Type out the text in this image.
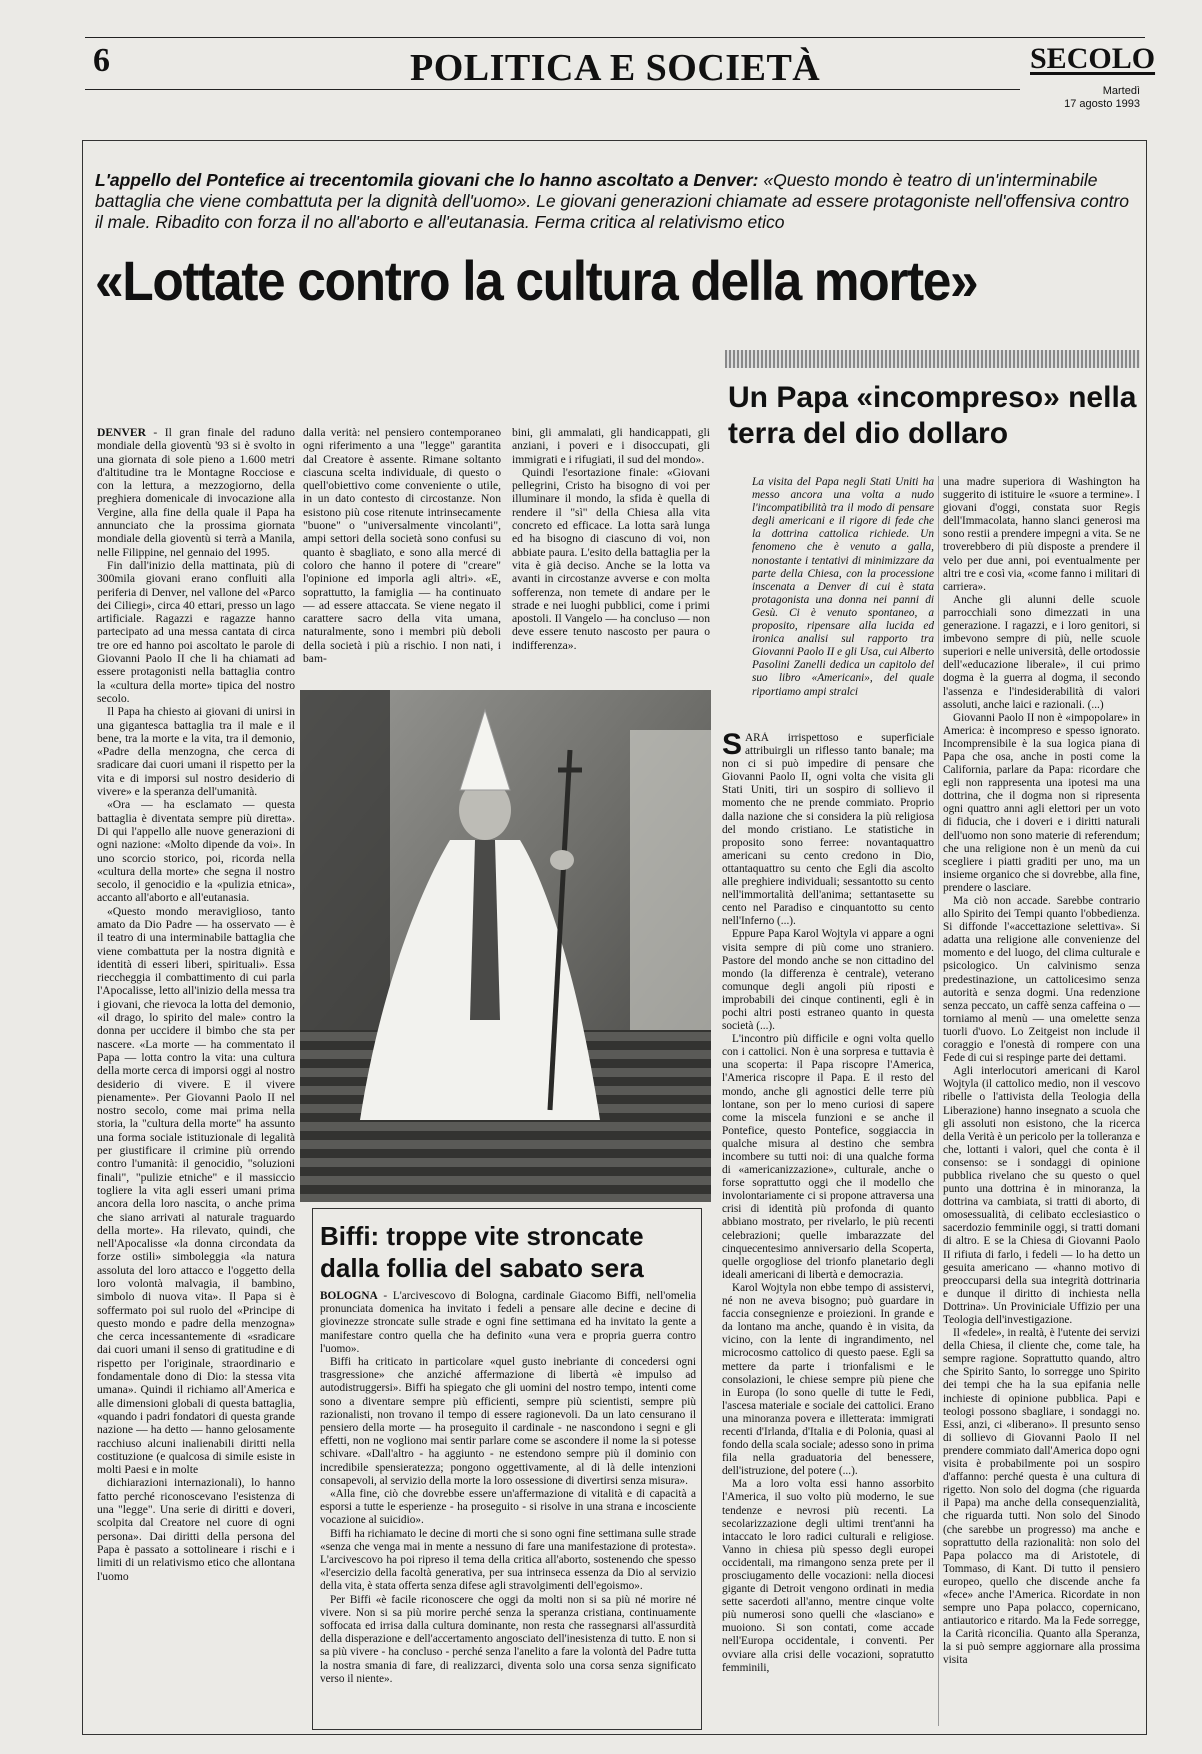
6	POLITICA E SOCIETÀ	SECOLO
Martedì
17 agosto 1993
L'appello del Pontefice ai trecentomila giovani che lo hanno ascoltato a Denver: «Questo mondo è teatro di un'interminabile battaglia che viene combattuta per la dignità dell'uomo». Le giovani generazioni chiamate ad essere protagoniste nell'offensiva contro il male. Ribadito con forza il no all'aborto e all'eutanasia. Ferma critica al relativismo etico
«Lottate contro la cultura della morte»

DENVER - Il gran finale del raduno mondiale della gioventù '93 si è svolto in una giornata di sole pieno a 1.600 metri d'altitudine tra le Montagne Rocciose e con la lettura, a mezzogiorno, della preghiera domenicale di invocazione alla Vergine, alla fine della quale il Papa ha annunciato che la prossima giornata mondiale della gioventù si terrà a Manila, nelle Filippine, nel gennaio del 1995.

Fin dall'inizio della mattinata, più di 300mila giovani erano confluiti alla periferia di Denver, nel vallone del «Parco dei Ciliegi», circa 40 ettari, presso un lago artificiale. Ragazzi e ragazze hanno partecipato ad una messa cantata di circa tre ore ed hanno poi ascoltato le parole di Giovanni Paolo II che li ha chiamati ad essere protagonisti nella battaglia contro la «cultura della morte» tipica del nostro secolo.

Il Papa ha chiesto ai giovani di unirsi in una gigantesca battaglia tra il male e il bene, tra la morte e la vita, tra il demonio, «Padre della menzogna, che cerca di sradicare dai cuori umani il rispetto per la vita e di imporsi sul nostro desiderio di vivere» e la speranza dell'umanità.

«Ora — ha esclamato — questa battaglia è diventata sempre più diretta». Di qui l'appello alle nuove generazioni di ogni nazione: «Molto dipende da voi». In uno scorcio storico, poi, ricorda nella «cultura della morte» che segna il nostro secolo, il genocidio e la «pulizia etnica», accanto all'aborto e all'eutanasia.

«Questo mondo meraviglioso, tanto amato da Dio Padre — ha osservato — è il teatro di una interminabile battaglia che viene combattuta per la nostra dignità e identità di esseri liberi, spirituali». Essa rieccheggia il combattimento di cui parla l'Apocalisse, letto all'inizio della messa tra i giovani, che rievoca la lotta del demonio, «il drago, lo spirito del male» contro la donna per uccidere il bimbo che sta per nascere. «La morte — ha commentato il Papa — lotta contro la vita: una cultura della morte cerca di imporsi oggi al nostro desiderio di vivere. E il vivere pienamente». Per Giovanni Paolo II nel nostro secolo, come mai prima nella storia, la "cultura della morte" ha assunto una forma sociale istituzionale di legalità per giustificare il crimine più orrendo contro l'umanità: il genocidio, "soluzioni finali", "pulizie etniche" e il massiccio togliere la vita agli esseri umani prima ancora della loro nascita, o anche prima che siano arrivati al naturale traguardo della morte». Ha rilevato, quindi, che nell'Apocalisse «la donna circondata da forze ostili» simboleggia «la natura assoluta del loro attacco e l'oggetto della loro volontà malvagia, il bambino, simbolo di nuova vita». Il Papa si è soffermato poi sul ruolo del «Principe di questo mondo e padre della menzogna» che cerca incessantemente di «sradicare dai cuori umani il senso di gratitudine e di rispetto per l'originale, straordinario e fondamentale dono di Dio: la stessa vita umana». Quindi il richiamo all'America e alle dimensioni globali di questa battaglia, «quando i padri fondatori di questa grande nazione — ha detto — hanno gelosamente racchiuso alcuni inalienabili diritti nella costituzione (e qualcosa di simile esiste in molti Paesi e in molte

dichiarazioni internazionali), lo hanno fatto perché riconoscevano l'esistenza di una "legge". Una serie di diritti e doveri, scolpita dal Creatore nel cuore di ogni persona». Dai diritti della persona del Papa è passato a sottolineare i rischi e i limiti di un relativismo etico che allontana l'uomo

dalla verità: nel pensiero contemporaneo ogni riferimento a una "legge" garantita dal Creatore è assente. Rimane soltanto ciascuna scelta individuale, di questo o quell'obiettivo come conveniente o utile, in un dato contesto di circostanze. Non esistono più cose ritenute intrinsecamente "buone" o "universalmente vincolanti", ampi settori della società sono confusi su quanto è sbagliato, e sono alla mercé di coloro che hanno il potere di "creare" l'opinione ed imporla agli altri». «E, soprattutto, la famiglia — ha continuato — ad essere attaccata. Se viene negato il carattere sacro della vita umana, naturalmente, sono i membri più deboli della società i più a rischio. I non nati, i bam-

bini, gli ammalati, gli handicappati, gli anziani, i poveri e i disoccupati, gli immigrati e i rifugiati, il sud del mondo».

Quindi l'esortazione finale: «Giovani pellegrini, Cristo ha bisogno di voi per illuminare il mondo, la sfida è quella di rendere il "sì" della Chiesa alla vita concreto ed efficace. La lotta sarà lunga ed ha bisogno di ciascuno di voi, non abbiate paura. L'esito della battaglia per la vita è già deciso. Anche se la lotta va avanti in circostanze avverse e con molta sofferenza, non temete di andare per le strade e nei luoghi pubblici, come i primi apostoli. Il Vangelo — ha concluso — non deve essere tenuto nascosto per paura o indifferenza».

Biffi: troppe vite stroncate dalla follia del sabato sera

BOLOGNA - L'arcivescovo di Bologna, cardinale Giacomo Biffi, nell'omelia pronunciata domenica ha invitato i fedeli a pensare alle decine e decine di giovinezze stroncate sulle strade e ogni fine settimana ed ha invitato la gente a manifestare contro quella che ha definito «una vera e propria guerra contro l'uomo».

Biffi ha criticato in particolare «quel gusto inebriante di concedersi ogni trasgressione» che anziché affermazione di libertà «è impulso ad autodistruggersi». Biffi ha spiegato che gli uomini del nostro tempo, intenti come sono a diventare sempre più efficienti, sempre più scientisti, sempre più razionalisti, non trovano il tempo di essere ragionevoli. Da un lato censurano il pensiero della morte — ha proseguito il cardinale - ne nascondono i segni e gli effetti, non ne vogliono mai sentir parlare come se ascondere il nome la si potesse schivare. «Dall'altro - ha aggiunto - ne estendono sempre più il dominio con incredibile spensieratezza; pongono oggettivamente, al di là delle intenzioni consapevoli, al servizio della morte la loro ossessione di divertirsi senza misura».

«Alla fine, ciò che dovrebbe essere un'affermazione di vitalità e di capacità a esporsi a tutte le esperienze - ha proseguito - si risolve in una strana e incosciente vocazione al suicidio».

Biffi ha richiamato le decine di morti che si sono ogni fine settimana sulle strade «senza che venga mai in mente a nessuno di fare una manifestazione di protesta». L'arcivescovo ha poi ripreso il tema della critica all'aborto, sostenendo che spesso «l'esercizio della facoltà generativa, per sua intrinseca essenza da Dio al servizio della vita, è stata offerta senza difese agli stravolgimenti dell'egoismo».

Per Biffi «è facile riconoscere che oggi da molti non si sa più né morire né vivere. Non si sa più morire perché senza la speranza cristiana, continuamente soffocata ed irrisa dalla cultura dominante, non resta che rassegnarsi all'assurdità della disperazione e dell'accertamento angosciato dell'inesistenza di tutto. E non si sa più vivere - ha concluso - perché senza l'anelito a fare la volontà del Padre tutta la nostra smania di fare, di realizzarci, diventa solo una corsa senza significato verso il niente».

Un Papa «incompreso» nella terra del dio dollaro
La visita del Papa negli Stati Uniti ha messo ancora una volta a nudo l'incompatibilità tra il modo di pensare degli americani e il rigore di fede che la dottrina cattolica richiede. Un fenomeno che è venuto a galla, nonostante i tentativi di minimizzare da parte della Chiesa, con la processione inscenata a Denver di cui è stata protagonista una donna nei panni di Gesù. Ci è venuto spontaneo, a proposito, ripensare alla lucida ed ironica analisi sul rapporto tra Giovanni Paolo II e gli Usa, cui Alberto Pasolini Zanelli dedica un capitolo del suo libro «Americani», del quale riportiamo ampi stralci

SARÀ irrispettoso e superficiale attribuirgli un riflesso tanto banale; ma non ci si può impedire di pensare che Giovanni Paolo II, ogni volta che visita gli Stati Uniti, tiri un sospiro di sollievo il momento che ne prende commiato. Proprio dalla nazione che si considera la più religiosa del mondo cristiano. Le statistiche in proposito sono ferree: novantaquattro americani su cento credono in Dio, ottantaquattro su cento che Egli dia ascolto alle preghiere individuali; sessantotto su cento nell'immortalità dell'anima; settantasette su cento nel Paradiso e cinquantotto su cento nell'Inferno (...).

Eppure Papa Karol Wojtyla vi appare a ogni visita sempre di più come uno straniero. Pastore del mondo anche se non cittadino del mondo (la differenza è centrale), veterano comunque degli angoli più riposti e improbabili dei cinque continenti, egli è in pochi altri posti estraneo quanto in questa società (...).

L'incontro più difficile e ogni volta quello con i cattolici. Non è una sorpresa e tuttavia è una scoperta: il Papa riscopre l'America, l'America riscopre il Papa. E il resto del mondo, anche gli agnostici delle terre più lontane, son per lo meno curiosi di sapere come la miscela funzioni e se anche il Pontefice, questo Pontefice, soggiaccia in qualche misura al destino che sembra incombere su tutti noi: di una qualche forma di «americanizzazione», culturale, anche o forse soprattutto oggi che il modello che involontariamente ci si propone attraversa una crisi di identità più profonda di quanto abbiano mostrato, per rivelarlo, le più recenti celebrazioni; quelle imbarazzate del cinquecentesimo anniversario della Scoperta, quelle orgogliose del trionfo planetario degli ideali americani di libertà e democrazia.

Karol Wojtyla non ebbe tempo di assistervi, né non ne aveva bisogno; può guardare in faccia consegnienze e proiezioni. In grande e da lontano ma anche, quando è in visita, da vicino, con la lente di ingrandimento, nel microcosmo cattolico di questo paese. Egli sa mettere da parte i trionfalismi e le consolazioni, le chiese sempre più piene che in Europa (lo sono quelle di tutte le Fedi, l'ascesa materiale e sociale dei cattolici. Erano una minoranza povera e illetterata: immigrati recenti d'Irlanda, d'Italia e di Polonia, quasi al fondo della scala sociale; adesso sono in prima fila nella graduatoria del benessere, dell'istruzione, del potere (...).

Ma a loro volta essi hanno assorbito l'America, il suo volto più moderno, le sue tendenze e nevrosi più recenti. La secolarizzazione degli ultimi trent'anni ha intaccato le loro radici culturali e religiose. Vanno in chiesa più spesso degli europei occidentali, ma rimangono senza prete per il prosciugamento delle vocazioni: nella diocesi gigante di Detroit vengono ordinati in media sette sacerdoti all'anno, mentre cinque volte più numerosi sono quelli che «lasciano» e muoiono. Si son contati, come accade nell'Europa occidentale, i conventi. Per ovviare alla crisi delle vocazioni, sopratutto femminili,

una madre superiora di Washington ha suggerito di istituire le «suore a termine». I giovani d'oggi, constata suor Regis dell'Immacolata, hanno slanci generosi ma sono restii a prendere impegni a vita. Se ne troverebbero di più disposte a prendere il velo per due anni, poi eventualmente per altri tre e così via, «come fanno i militari di carriera».

Anche gli alunni delle scuole parrocchiali sono dimezzati in una generazione. I ragazzi, e i loro genitori, si imbevono sempre di più, nelle scuole superiori e nelle università, delle ortodossie dell'«educazione liberale», il cui primo dogma è la guerra al dogma, il secondo l'assenza e l'indesiderabilità di valori assoluti, anche laici e razionali. (...)

Giovanni Paolo II non è «impopolare» in America: è incompreso e spesso ignorato. Incomprensibile è la sua logica piana di Papa che osa, anche in posti come la California, parlare da Papa: ricordare che egli non rappresenta una ipotesi ma una dottrina, che il dogma non si ripresenta ogni quattro anni agli elettori per un voto di fiducia, che i doveri e i diritti naturali dell'uomo non sono materie di referendum; che una religione non è un menù da cui scegliere i piatti graditi per uno, ma un insieme organico che si dovrebbe, alla fine, prendere o lasciare.

Ma ciò non accade. Sarebbe contrario allo Spirito dei Tempi quanto l'obbedienza. Si diffonde l'«accettazione selettiva». Si adatta una religione alle convenienze del momento e del luogo, del clima culturale e psicologico. Un calvinismo senza predestinazione, un cattolicesimo senza autorità e senza dogmi. Una redenzione senza peccato, un caffè senza caffeina o — torniamo al menù — una omelette senza tuorli d'uovo. Lo Zeitgeist non include il coraggio e l'onestà di rompere con una Fede di cui si respinge parte dei dettami.

Agli interlocutori americani di Karol Wojtyla (il cattolico medio, non il vescovo ribelle o l'attivista della Teologia della Liberazione) hanno insegnato a scuola che gli assoluti non esistono, che la ricerca della Verità è un pericolo per la tolleranza e che, lottanti i valori, quel che conta è il consenso: se i sondaggi di opinione pubblica rivelano che su questo o quel punto una dottrina è in minoranza, la dottrina va cambiata, si tratti di aborto, di omosessualità, di celibato ecclesiastico o sacerdozio femminile oggi, si tratti domani di altro. E se la Chiesa di Giovanni Paolo II rifiuta di farlo, i fedeli — lo ha detto un gesuita americano — «hanno motivo di preoccuparsi della sua integrità dottrinaria e dunque il diritto di inchiesta nella Dottrina». Un Proviniciale Uffizio per una Teologia dell'investigazione.

Il «fedele», in realtà, è l'utente dei servizi della Chiesa, il cliente che, come tale, ha sempre ragione. Soprattutto quando, altro che Spirito Santo, lo sorregge uno Spirito dei tempi che ha la sua epifania nelle inchieste di opinione pubblica. Papi e teologi possono sbagliare, i sondaggi no. Essi, anzi, ci «liberano». Il presunto senso di sollievo di Giovanni Paolo II nel prendere commiato dall'America dopo ogni visita è probabilmente poi un sospiro d'affanno: perché questa è una cultura di rigetto. Non solo del dogma (che riguarda il Papa) ma anche della consequenzialità, che riguarda tutti. Non solo del Sinodo (che sarebbe un progresso) ma anche e soprattutto della razionalità: non solo del Papa polacco ma di Aristotele, di Tommaso, di Kant. Di tutto il pensiero europeo, quello che discende anche fa «fece» anche l'America. Ricordate in non sempre uno Papa polacco, copernicano, antiautorico e ritardo. Ma la Fede sorregge, la Carità riconcilia. Quanto alla Speranza, la si può sempre aggiornare alla prossima visita
